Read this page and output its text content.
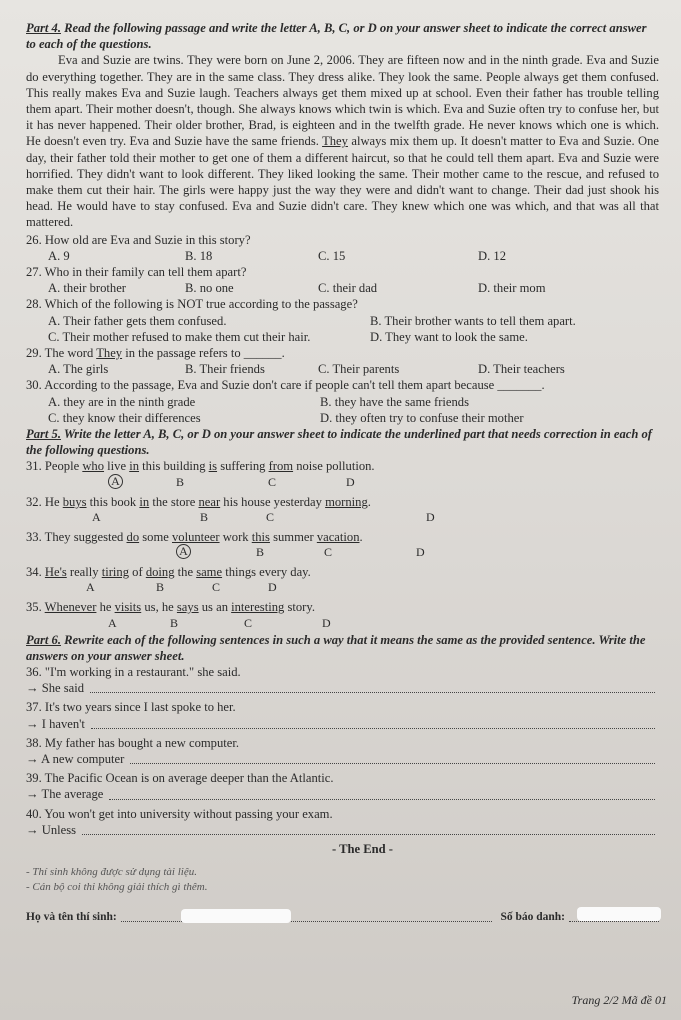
Part 4. Read the following passage and write the letter A, B, C, or D on your answer sheet to indicate the correct answer to each of the questions.
Eva and Suzie are twins. They were born on June 2, 2006. They are fifteen now and in the ninth grade. Eva and Suzie do everything together. They are in the same class. They dress alike. They look the same. People always get them confused. This really makes Eva and Suzie laugh. Teachers always get them mixed up at school. Even their father has trouble telling them apart. Their mother doesn't, though. She always knows which twin is which. Eva and Suzie often try to confuse her, but it has never happened. Their older brother, Brad, is eighteen and in the twelfth grade. He never knows which one is which. He doesn't even try. Eva and Suzie have the same friends. They always mix them up. It doesn't matter to Eva and Suzie. One day, their father told their mother to get one of them a different haircut, so that he could tell them apart. Eva and Suzie were horrified. They didn't want to look different. They liked looking the same. Their mother came to the rescue, and refused to make them cut their hair. The girls were happy just the way they were and didn't want to change. Their dad just shook his head. He would have to stay confused. Eva and Suzie didn't care. They knew which one was which, and that was all that mattered.
26. How old are Eva and Suzie in this story?
A. 9	B. 18	C. 15	D. 12
27. Who in their family can tell them apart?
A. their brother	B. no one	C. their dad	D. their mom
28. Which of the following is NOT true according to the passage?
A. Their father gets them confused.	B. Their brother wants to tell them apart.
C. Their mother refused to make them cut their hair.	D. They want to look the same.
29. The word They in the passage refers to ______.
A. The girls	B. Their friends	C. Their parents	D. Their teachers
30. According to the passage, Eva and Suzie don't care if people can't tell them apart because _______.
A. they are in the ninth grade	B. they have the same friends
C. they know their differences	D. they often try to confuse their mother
Part 5. Write the letter A, B, C, or D on your answer sheet to indicate the underlined part that needs correction in each of the following questions.
31. People who live in this building is suffering from noise pollution.
A	B	C	D
32. He buys this book in the store near his house yesterday morning.
A	B	C	D
33. They suggested do some volunteer work this summer vacation.
A	B	C	D
34. He's really tiring of doing the same things every day.
A	B	C	D
35. Whenever he visits us, he says us an interesting story.
A	B	C	D
Part 6. Rewrite each of the following sentences in such a way that it means the same as the provided sentence. Write the answers on your answer sheet.
36. "I'm working in a restaurant." she said.
→ She said
37. It's two years since I last spoke to her.
→ I haven't
38. My father has bought a new computer.
→ A new computer
39. The Pacific Ocean is on average deeper than the Atlantic.
→ The average
40. You won't get into university without passing your exam.
→ Unless
- The End -
- Thí sinh không được sử dụng tài liệu.
- Cán bộ coi thi không giải thích gì thêm.
Họ và tên thí sinh:	Số báo danh:
Trang 2/2 Mã đề 01
